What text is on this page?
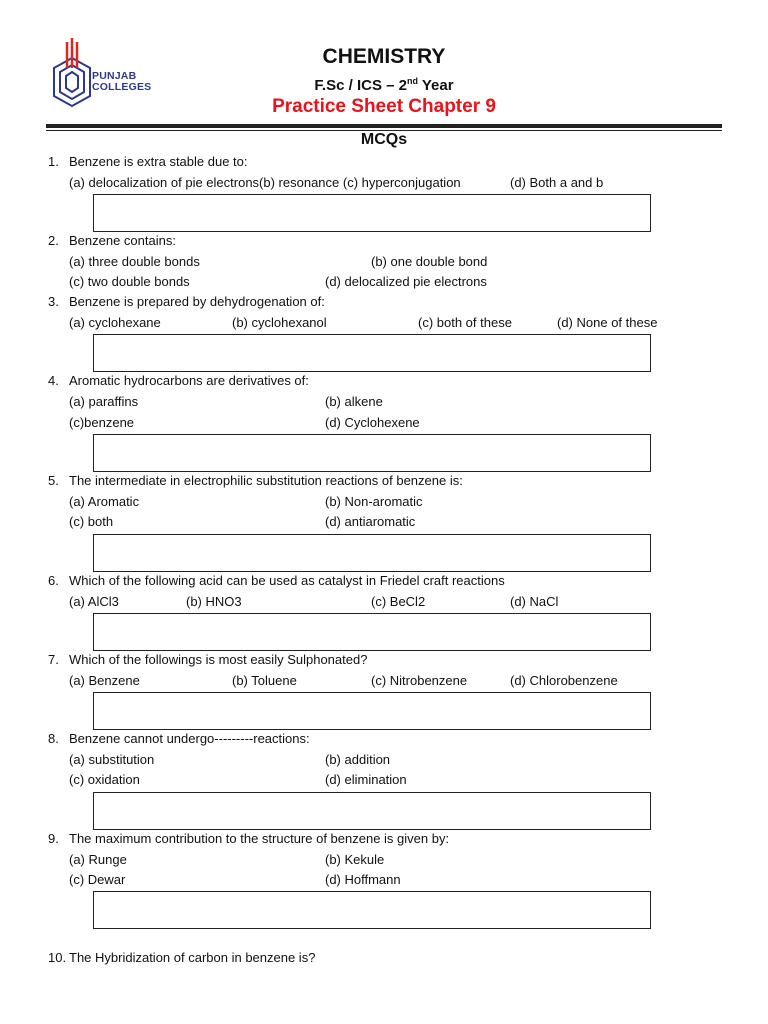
PUNJAB
COLLEGES
CHEMISTRY
F.Sc / ICS – 2nd Year
Practice Sheet Chapter 9
MCQs
1. Benzene is extra stable due to:
(a) delocalization of pie electrons(b) resonance (c) hyperconjugation	(d) Both a and b
2. Benzene contains:
(a) three double bonds	(b) one double bond
(c) two double bonds	(d) delocalized pie electrons
3. Benzene is prepared by dehydrogenation of:
(a) cyclohexane	(b) cyclohexanol	(c) both of these	(d) None of these
4. Aromatic hydrocarbons are derivatives of:
(a) paraffins	(b) alkene
(c)benzene	(d) Cyclohexene
5. The intermediate in electrophilic substitution reactions of benzene is:
(a) Aromatic	(b) Non-aromatic
(c) both	(d) antiaromatic
6. Which of the following acid can be used as catalyst in Friedel craft reactions
(a) AlCl3	(b) HNO3	(c) BeCl2	(d) NaCl
7. Which of the followings is most easily Sulphonated?
(a) Benzene	(b) Toluene	(c) Nitrobenzene	(d) Chlorobenzene
8. Benzene cannot undergo---------reactions:
(a) substitution	(b) addition
(c) oxidation	(d) elimination
9. The maximum contribution to the structure of benzene is given by:
(a) Runge	(b) Kekule
(c) Dewar	(d) Hoffmann
10. The Hybridization of carbon in benzene is?
